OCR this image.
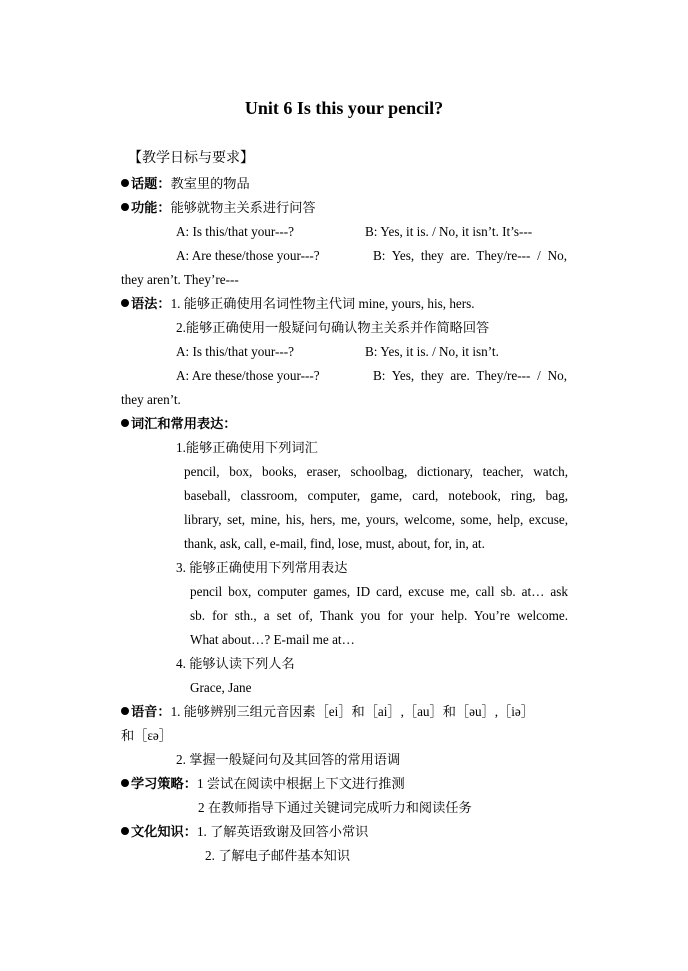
Unit 6 Is this your pencil?
【教学日标与要求】
话题：教室里的物品
功能：能够就物主关系进行问答
A: Is this/that your---?	B: Yes, it is. / No, it isn’t. It’s---
A: Are these/those your---?	B: Yes, they are. They/re--- / No,
they aren’t. They’re---
语法：1. 能够正确使用名词性物主代词 mine, yours, his, hers.
2.能够正确使用一般疑问句确认物主关系并作简略回答
A: Is this/that your---?	B: Yes, it is. / No, it isn’t.
A: Are these/those your---?	B: Yes, they are. They/re--- / No,
they aren’t.
词汇和常用表达：
1.能够正确使用下列词汇
pencil, box, books, eraser, schoolbag, dictionary, teacher, watch,
baseball, classroom, computer, game, card, notebook, ring, bag,
library, set, mine, his, hers, me, yours, welcome, some, help, excuse,
thank, ask, call, e-mail, find, lose, must, about, for, in, at.
3. 能够正确使用下列常用表达
pencil box, computer games, ID card, excuse me, call sb. at… ask
sb. for sth., a set of, Thank you for your help. You’re welcome.
What about…? E-mail me at…
4. 能够认读下列人名
Grace, Jane
语音：1. 能够辨别三组元音因素［ei］和［ai］,［au］和［əu］,［iə］
和［εə］
2. 掌握一般疑问句及其回答的常用语调
学习策略：1 尝试在阅读中根据上下文进行推测
2 在教师指导下通过关键词完成听力和阅读任务
文化知识：1. 了解英语致谢及回答小常识
2. 了解电子邮件基本知识
